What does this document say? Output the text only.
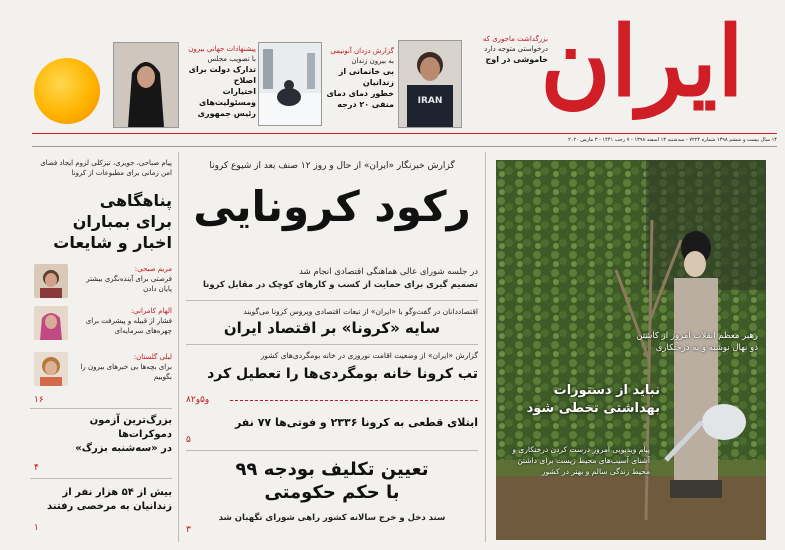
ایران
بزرگداشت ماجوری که
درخواستی متوجه دارد
خاموشی در اوج
IRAN
گزارش دزدان آنونیمی
به بیرون زندان
بی خانمانی از زندانیان
خطور دمای دمای
منفی ۲۰ درجه
پیشنهادات جهانی بیرون
با تصویب مجلس
تدارک دولت برای اصلاح
اختیارات ومسئولیت‌های
رئیس جمهوری
۱۴ سال بیست و ششم ۱۳۹۸ شماره ۷۲۲۴ - سه‌شنبه ۱۳ اسفند ۱۳۹۸ - ۷ رجب ۱۴۴۱ - ۳ مارس ۲۰۲۰
گزارش خبرنگار «ایران» از حال و روز ۱۲ صنف بعد از شیوع کرونا
رکود کرونایی
در جلسه شورای عالی هماهنگی اقتصادی انجام شد
تصمیم گیری برای حمایت از کسب و کارهای کوچک در مقابل کرونا
اقتصاددانان در گفت‌وگو با «ایران» از تبعات اقتصادی ویروس کرونا می‌گویند
سایه «کرونا» بر اقتصاد ایران
گزارش «ایران» از وضعیت اقامت نوروزی در خانه بومگردی‌های کشور
تب کرونا خانه بومگردی‌ها را تعطیل کرد
۸و۵و۲
ابتلای قطعی به کرونا ۲۳۳۶ و فوتی‌ها ۷۷ نفر
۵
تعیین تکلیف بودجه ۹۹
با حکم حکومتی
سند دخل و خرج سالانه کشور راهی شورای نگهبان شد
۳
پیام صباحی، جویزی، تیزکلی لزوم ایجاد فضای امن زمانی برای مطبوعات از کرونا
پناهگاهی
برای بمباران
اخبار و شایعات
مریم صبحی:
فرصتی برای آینده‌نگری بیشتر پایان دادن
الهام کامرانی:
فشار از قبیله و پیشرفت برای چهره‌های سرمایه‌ای
لیلی گلستان:
برای بچه‌ها بی خبرهای بیرون را بگوییم
۱۶
بزرگ‌ترین آزمون
دموکرات‌ها
در «سه‌شنبه بزرگ»
۴
بیش از ۵۴ هزار نفر از
زندانیان به مرخصی رفتند
۱
رهبر معظم انقلاب امروز از کاشتن
دو نهال نوشته و به درختکاری
نباید از دستورات
بهداشتی تخطی شود
پیام ویدیویی امروز درست کردن درختکاری و آشنای آسیب‌های محیط زیست برای داشتن محیط زندگی سالم و بهتر در کشور
